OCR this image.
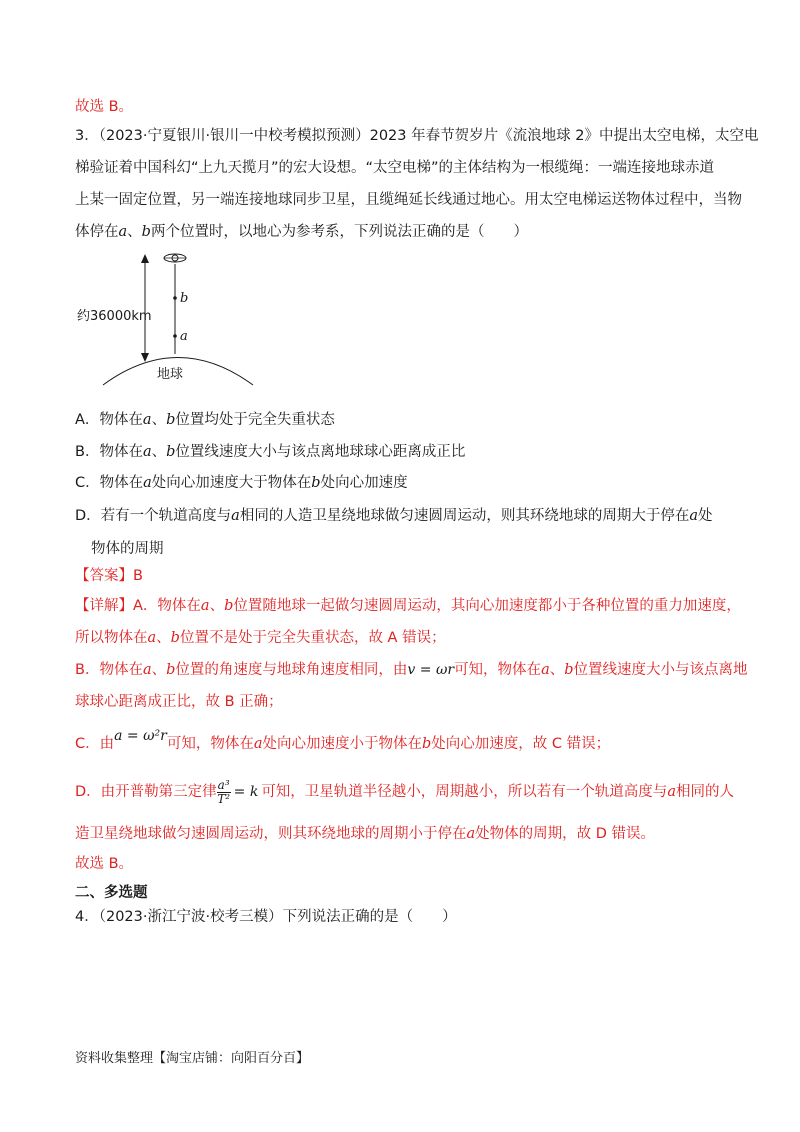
故选 B。
3．（2023·宁夏银川·银川一中校考模拟预测）2023 年春节贺岁片《流浪地球 2》中提出太空电梯，太空电
梯验证着中国科幻“上九天揽月”的宏大设想。“太空电梯”的主体结构为一根缆绳：一端连接地球赤道
上某一固定位置，另一端连接地球同步卫星，且缆绳延长线通过地心。用太空电梯运送物体过程中，当物
体停在a、b两个位置时，以地心为参考系，下列说法正确的是（　　）
A．物体在a、b位置均处于完全失重状态
B．物体在a、b位置线速度大小与该点离地球球心距离成正比
C．物体在a处向心加速度大于物体在b处向心加速度
D．若有一个轨道高度与a相同的人造卫星绕地球做匀速圆周运动，则其环绕地球的周期大于停在a处
物体的周期
【答案】B
【详解】A．物体在a、b位置随地球一起做匀速圆周运动，其向心加速度都小于各种位置的重力加速度，
所以物体在a、b位置不是处于完全失重状态，故 A 错误；
B．物体在a、b位置的角速度与地球角速度相同，由v = ωr可知，物体在a、b位置线速度大小与该点离地
球球心距离成正比，故 B 正确；
C．由a = ω²r可知，物体在a处向心加速度小于物体在b处向心加速度，故 C 错误；
D．由开普勒第三定律 $\frac{\text{a³}}{\text{T²}} = k$ 可知，卫星轨道半径越小，周期越小，所以若有一个轨道高度与a相同的人
造卫星绕地球做匀速圆周运动，则其环绕地球的周期小于停在a处物体的周期，故 D 错误。
故选 B。
二、多选题
4．（2023·浙江宁波·校考三模）下列说法正确的是（　　）
b
a
约36000km
地球
资料收集整理【淘宝店铺：向阳百分百】
